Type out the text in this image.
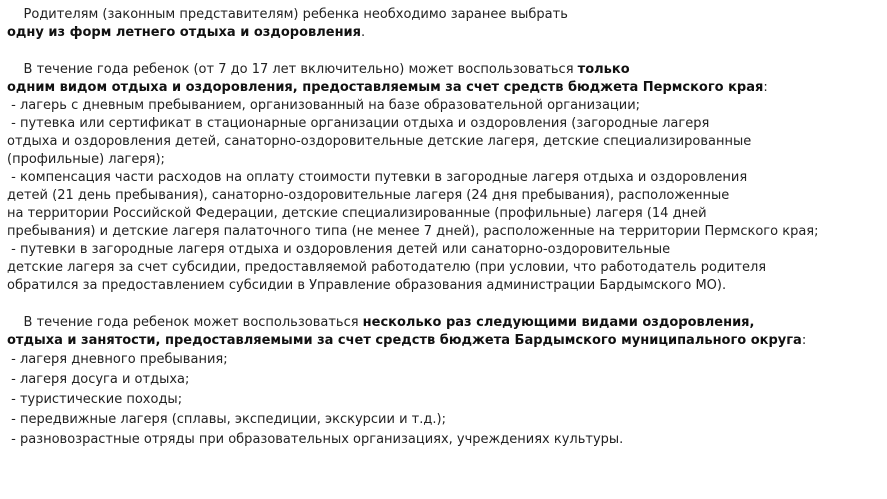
Родителям (законным представителям) ребенка необходимо заранее выбрать
одну из форм летнего отдыха и оздоровления.

В течение года ребенок (от 7 до 17 лет включительно) может воспользоваться только
одним видом отдыха и оздоровления, предоставляемым за счет средств бюджета Пермского края:

- лагерь с дневным пребыванием, организованный на базе образовательной организации;
- путевка или сертификат в стационарные организации отдыха и оздоровления (загородные лагеря
отдыха и оздоровления детей, санаторно-оздоровительные детские лагеря, детские специализированные
(профильные) лагеря);
- компенсация части расходов на оплату стоимости путевки в загородные лагеря отдыха и оздоровления
детей (21 день пребывания), санаторно-оздоровительные лагеря (24 дня пребывания), расположенные
на территории Российской Федерации, детские специализированные (профильные) лагеря (14 дней
пребывания) и детские лагеря палаточного типа (не менее 7 дней), расположенные на территории Пермского края;
- путевки в загородные лагеря отдыха и оздоровления детей или санаторно-оздоровительные
детские лагеря за счет субсидии, предоставляемой работодателю (при условии, что работодатель родителя
обратился за предоставлением субсидии в Управление образования администрации Бардымского МО).

В течение года ребенок может воспользоваться несколько раз следующими видами оздоровления,
отдыха и занятости, предоставляемыми за счет средств бюджета Бардымского муниципального округа:

- лагеря дневного пребывания;
- лагеря досуга и отдыха;
- туристические походы;
- передвижные лагеря (сплавы, экспедиции, экскурсии и т.д.);
- разновозрастные отряды при образовательных организациях, учреждениях культуры.
